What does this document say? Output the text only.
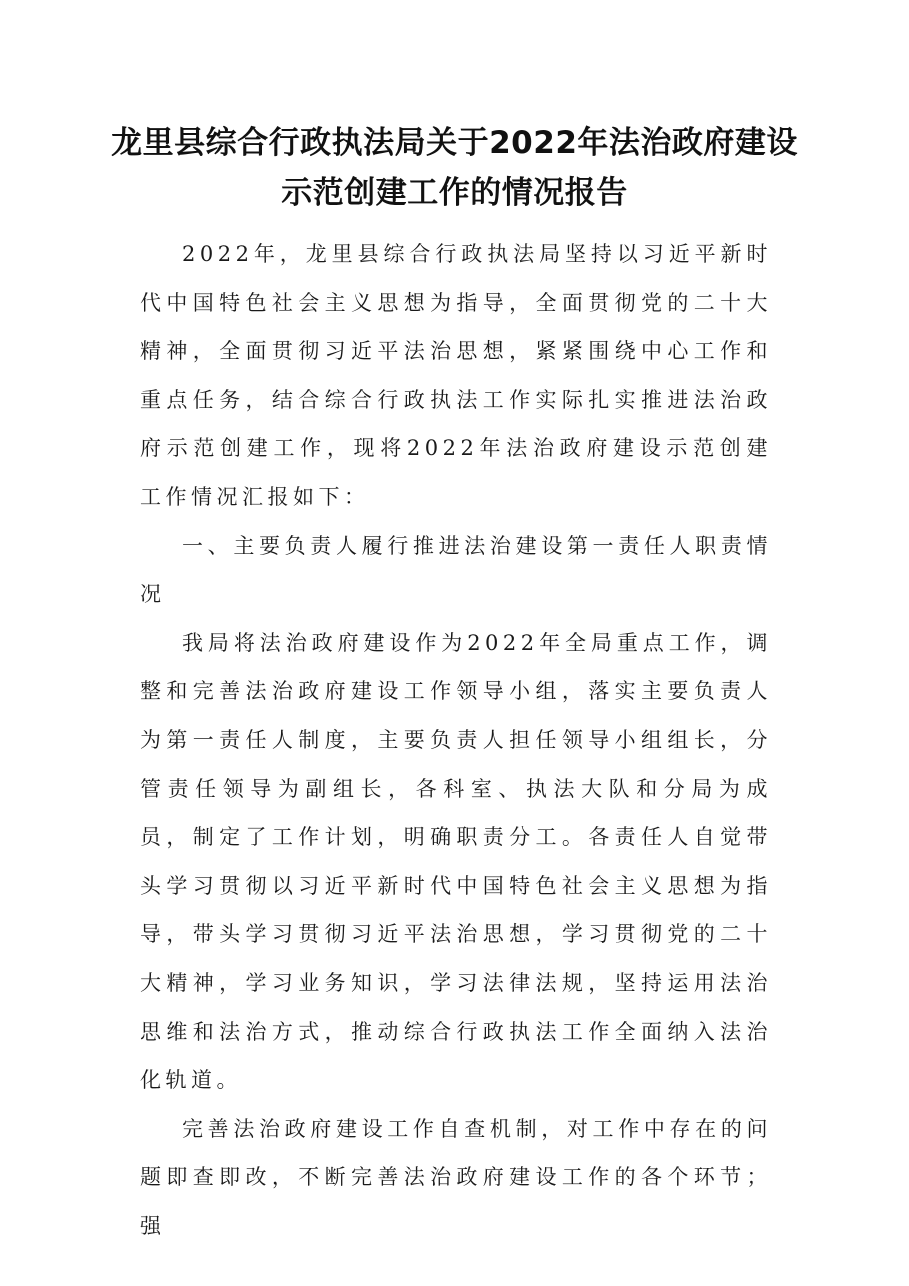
龙里县综合行政执法局关于2022年法治政府建设示范创建工作的情况报告

2022年，龙里县综合行政执法局坚持以习近平新时代中国特色社会主义思想为指导，全面贯彻党的二十大精神，全面贯彻习近平法治思想，紧紧围绕中心工作和重点任务，结合综合行政执法工作实际扎实推进法治政府示范创建工作，现将2022年法治政府建设示范创建工作情况汇报如下：

一、主要负责人履行推进法治建设第一责任人职责情况

我局将法治政府建设作为2022年全局重点工作，调整和完善法治政府建设工作领导小组，落实主要负责人为第一责任人制度，主要负责人担任领导小组组长，分管责任领导为副组长，各科室、执法大队和分局为成员，制定了工作计划，明确职责分工。各责任人自觉带头学习贯彻以习近平新时代中国特色社会主义思想为指导，带头学习贯彻习近平法治思想，学习贯彻党的二十大精神，学习业务知识，学习法律法规，坚持运用法治思维和法治方式，推动综合行政执法工作全面纳入法治化轨道。

完善法治政府建设工作自查机制，对工作中存在的问题即查即改，不断完善法治政府建设工作的各个环节；强
